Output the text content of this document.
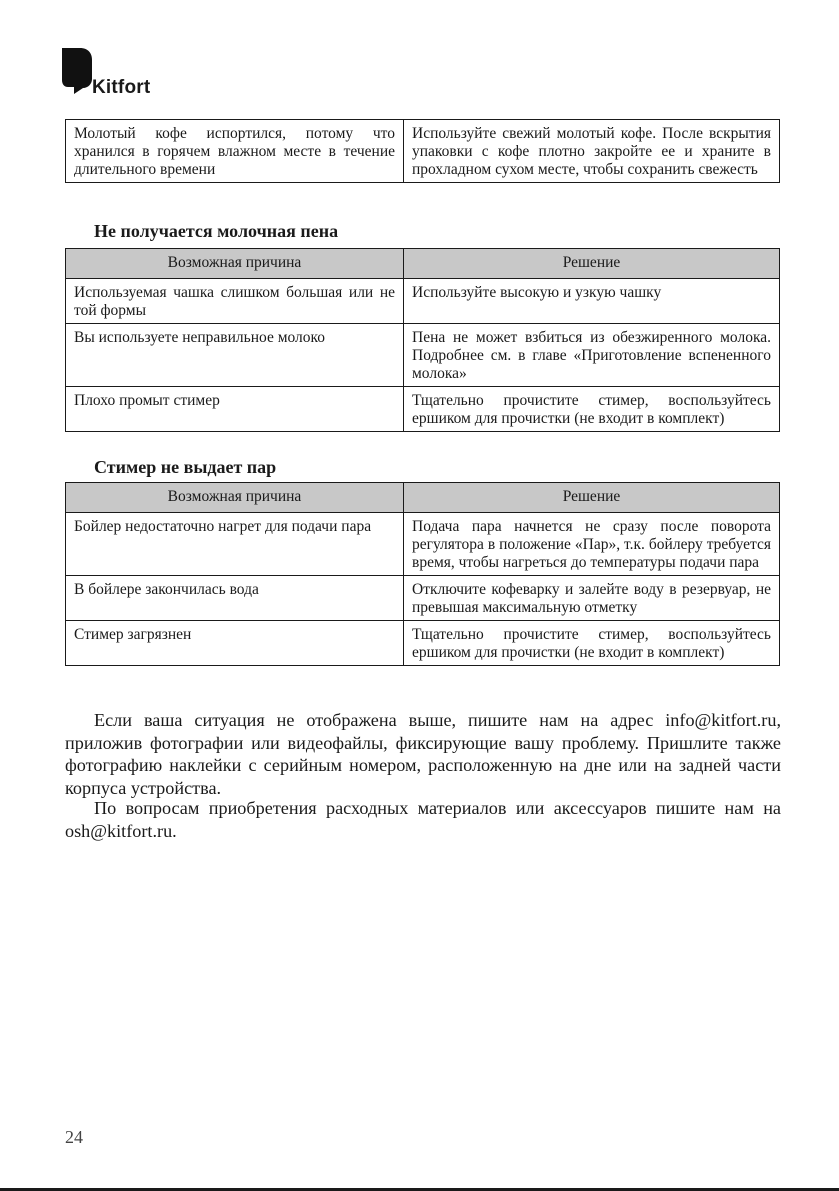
Kitfort
Молотый кофе испортился, потому что хранился в горячем влажном месте в течение длительного времени	Используйте свежий молотый кофе. После вскрытия упаковки с кофе плотно закройте ее и храните в прохладном сухом месте, чтобы сохранить свежесть
Не получается молочная пена
Возможная причина	Решение
Используемая чашка слишком большая или не той формы	Используйте высокую и узкую чашку
Вы используете неправильное молоко	Пена не может взбиться из обезжиренного молока. Подробнее см. в главе «Приготовление вспененного молока»
Плохо промыт стимер	Тщательно прочистите стимер, воспользуйтесь ершиком для прочистки (не входит в комплект)
Стимер не выдает пар
Возможная причина	Решение
Бойлер недостаточно нагрет для подачи пара	Подача пара начнется не сразу после поворота регулятора в положение «Пар», т.к. бойлеру требуется время, чтобы нагреться до температуры подачи пара
В бойлере закончилась вода	Отключите кофеварку и залейте воду в резервуар, не превышая максимальную отметку
Стимер загрязнен	Тщательно прочистите стимер, воспользуйтесь ершиком для прочистки (не входит в комплект)

Если ваша ситуация не отображена выше, пишите нам на адрес info@kitfort.ru, приложив фотографии или видеофайлы, фиксирующие вашу проблему. Пришлите также фотографию наклейки с серийным номером, расположенную на дне или на задней части корпуса устройства.

По вопросам приобретения расходных материалов или аксессуаров пишите нам на osh@kitfort.ru.

24
